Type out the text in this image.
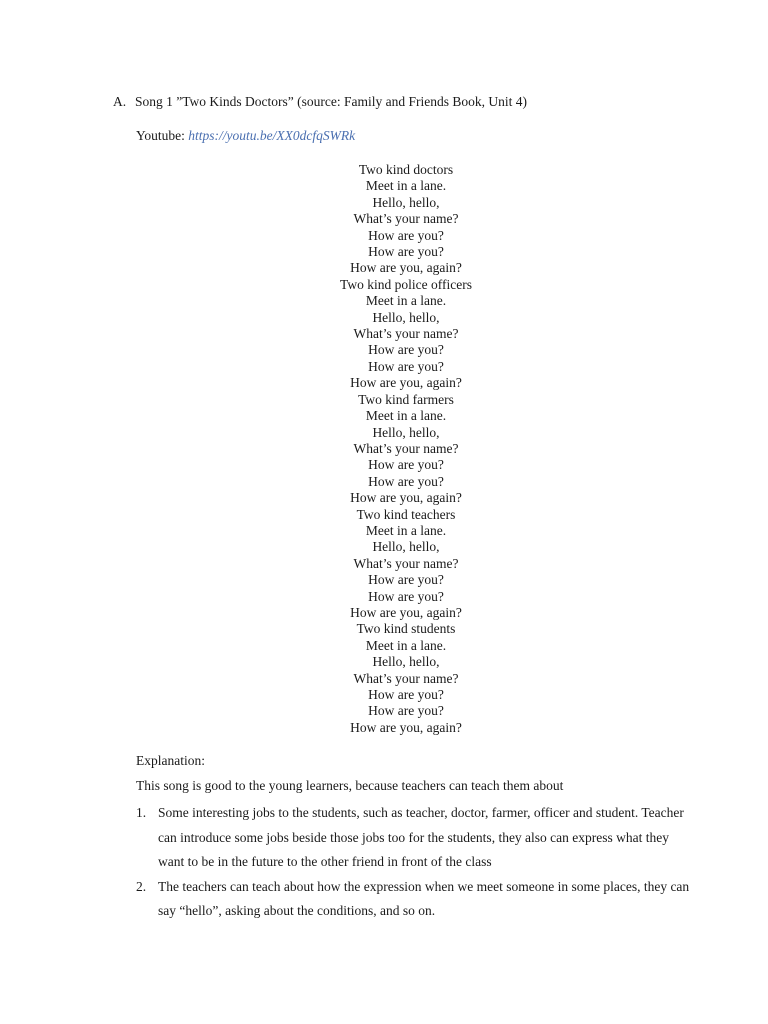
A. Song 1 ”Two Kinds Doctors” (source: Family and Friends Book, Unit 4)
Youtube: https://youtu.be/XX0dcfqSWRk
Two kind doctors
Meet in a lane.
Hello, hello,
What’s your name?
How are you?
How are you?
How are you, again?
Two kind police officers
Meet in a lane.
Hello, hello,
What’s your name?
How are you?
How are you?
How are you, again?
Two kind farmers
Meet in a lane.
Hello, hello,
What’s your name?
How are you?
How are you?
How are you, again?
Two kind teachers
Meet in a lane.
Hello, hello,
What’s your name?
How are you?
How are you?
How are you, again?
Two kind students
Meet in a lane.
Hello, hello,
What’s your name?
How are you?
How are you?
How are you, again?
Explanation:
This song is good to the young learners, because teachers can teach them about
1. Some interesting jobs to the students, such as teacher, doctor, farmer, officer and student. Teacher can introduce some jobs beside those jobs too for the students, they also can express what they want to be in the future to the other friend in front of the class
2. The teachers can teach about how the expression when we meet someone in some places, they can say “hello”, asking about the conditions, and so on.
